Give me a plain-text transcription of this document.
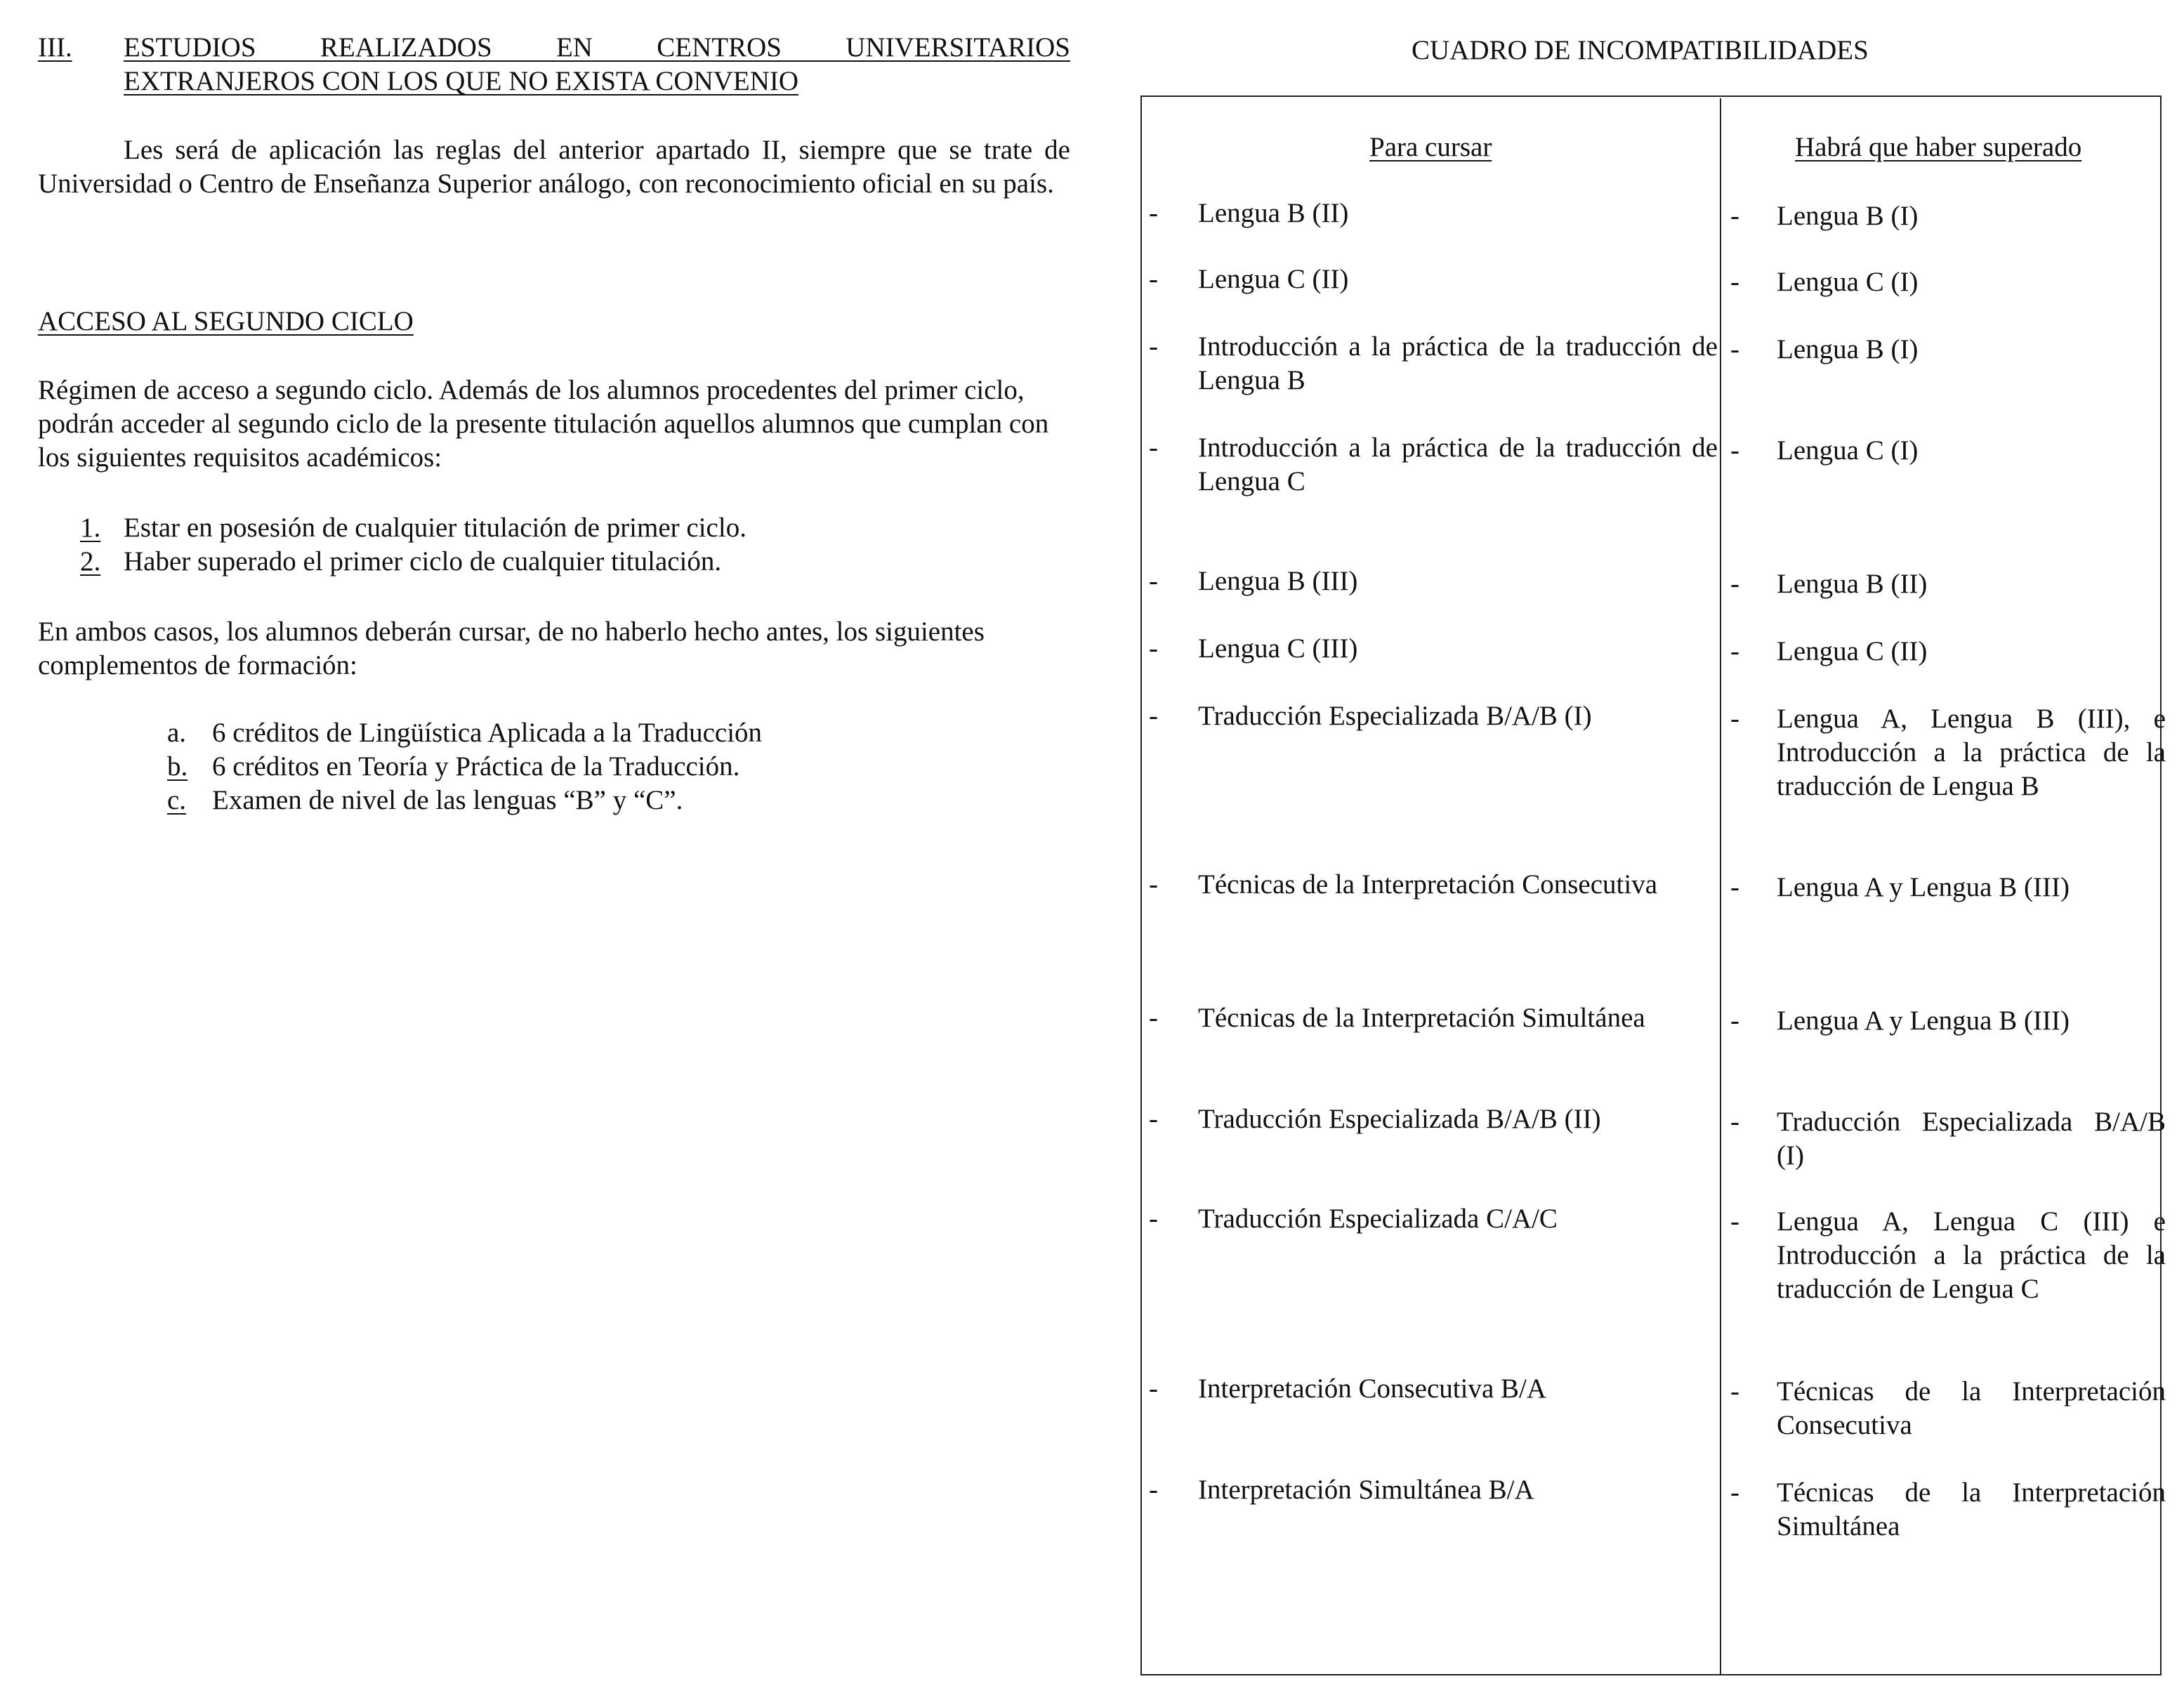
III. ESTUDIOS REALIZADOS EN CENTROS UNIVERSITARIOS
EXTRANJEROS CON LOS QUE NO EXISTA CONVENIO

Les será de aplicación las reglas del anterior apartado II, siempre que se trate de Universidad o Centro de Enseñanza Superior análogo, con reconocimiento oficial en su país.

ACCESO AL SEGUNDO CICLO

Régimen de acceso a segundo ciclo. Además de los alumnos procedentes del primer ciclo, podrán acceder al segundo ciclo de la presente titulación aquellos alumnos que cumplan con los siguientes requisitos académicos:

1. Estar en posesión de cualquier titulación de primer ciclo.
2. Haber superado el primer ciclo de cualquier titulación.

En ambos casos, los alumnos deberán cursar, de no haberlo hecho antes, los siguientes complementos de formación:

a. 6 créditos de Lingüística Aplicada a la Traducción
b. 6 créditos en Teoría y Práctica de la Traducción.
c. Examen de nivel de las lenguas “B” y “C”.
CUADRO DE INCOMPATIBILIDADES
Para cursar	Habrá que haber superado
- Lengua B (II)
- Lengua C (II)
- Introducción a la práctica de la traducción de Lengua B
- Introducción a la práctica de la traducción de Lengua C
- Lengua B (III)
- Lengua C (III)
- Traducción Especializada B/A/B (I)
- Técnicas de la Interpretación Consecutiva
- Técnicas de la Interpretación Simultánea
- Traducción Especializada B/A/B (II)
- Traducción Especializada C/A/C
- Interpretación Consecutiva B/A
- Interpretación Simultánea B/A
- Lengua B (I)
- Lengua C (I)
- Lengua B (I)
- Lengua C (I)
- Lengua B (II)
- Lengua C (II)
- Lengua A, Lengua B (III), e Introducción a la práctica de la traducción de Lengua B
- Lengua A y Lengua B (III)
- Lengua A y Lengua B (III)
- Traducción Especializada B/A/B (I)
- Lengua A, Lengua C (III) e Introducción a la práctica de la traducción de Lengua C
- Técnicas de la Interpretación Consecutiva
- Técnicas de la Interpretación Simultánea
